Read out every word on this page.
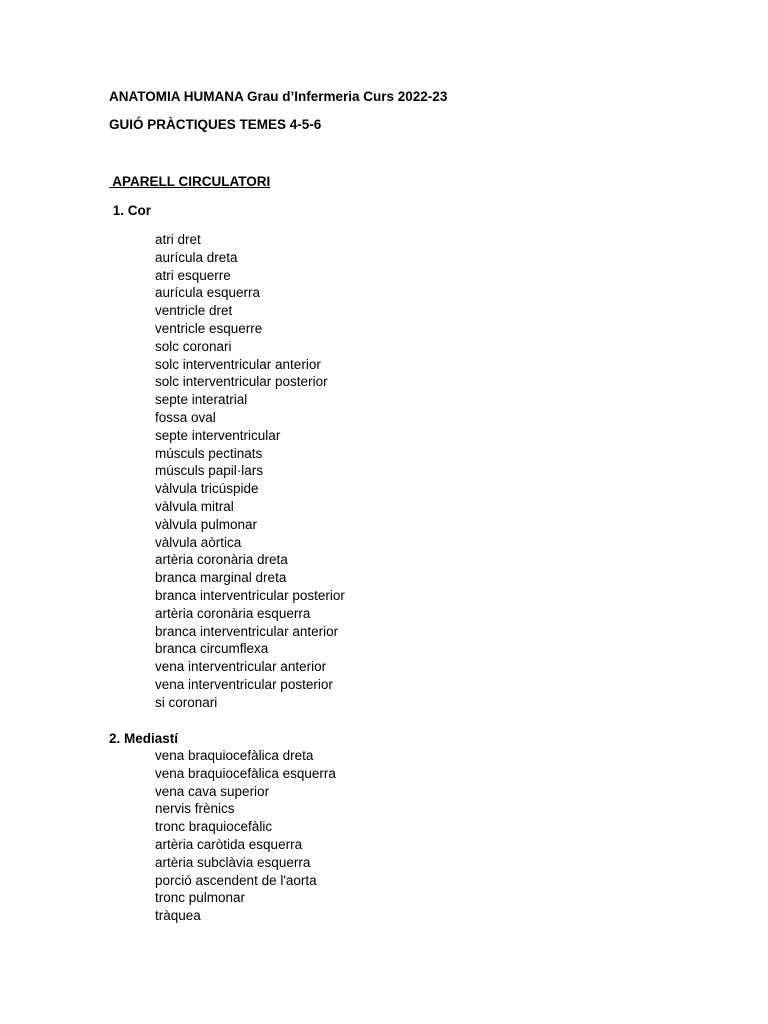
ANATOMIA HUMANA Grau d’Infermeria Curs 2022-23
GUIÓ PRÀCTIQUES TEMES 4-5-6
APARELL CIRCULATORI
1. Cor
atri dret
aurícula dreta
atri esquerre
aurícula esquerra
ventricle dret
ventricle esquerre
solc coronari
solc interventricular anterior
solc interventricular posterior
septe interatrial
fossa oval
septe interventricular
músculs pectinats
músculs papil·lars
vàlvula tricúspide
vàlvula mitral
vàlvula pulmonar
vàlvula aòrtica
artèria coronària dreta
branca marginal dreta
branca interventricular posterior
artèria coronària esquerra
branca interventricular anterior
branca circumflexa
vena interventricular anterior
vena interventricular posterior
si coronari
2. Mediastí
vena braquiocefàlica dreta
vena braquiocefàlica esquerra
vena cava superior
nervis frènics
tronc braquiocefàlic
artèria caròtida esquerra
artèria subclàvia esquerra
porció ascendent de l'aorta
tronc pulmonar
tràquea
